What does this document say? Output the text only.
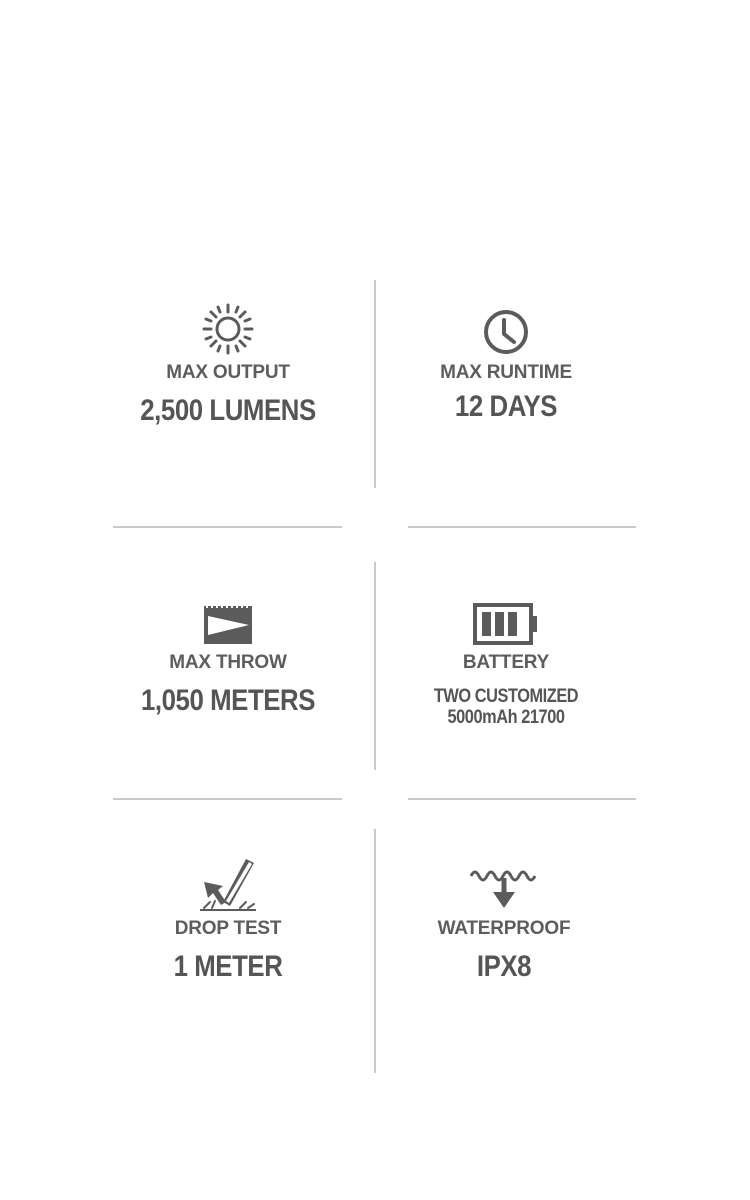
MAX OUTPUT
2,500 LUMENS
MAX RUNTIME
12 DAYS
MAX THROW
1,050 METERS
BATTERY
TWO CUSTOMIZED
5000mAh 21700
DROP TEST
1 METER
WATERPROOF
IPX8
